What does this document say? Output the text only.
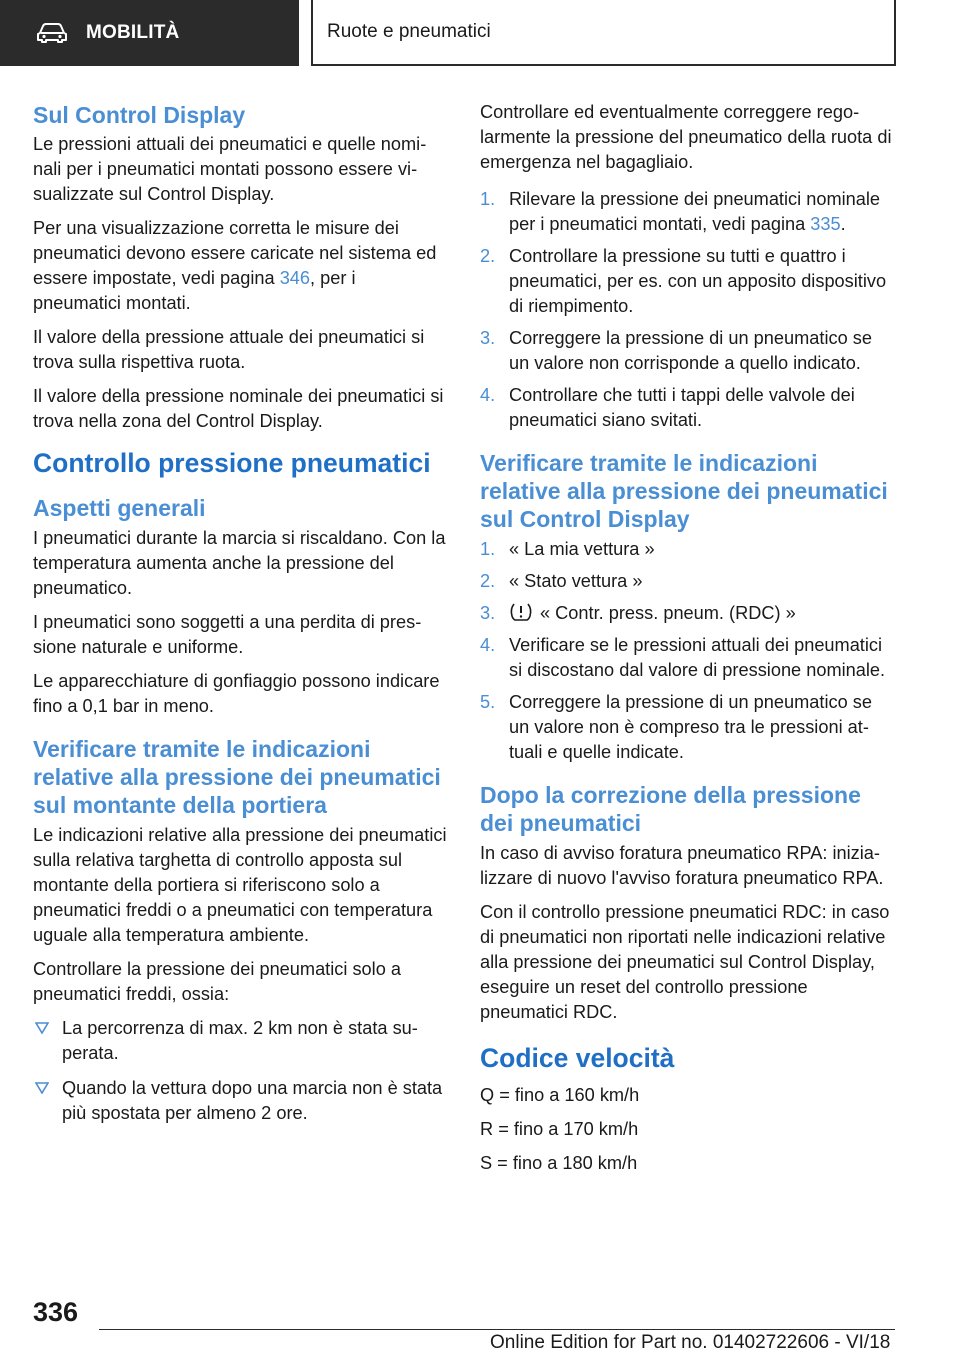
MOBILITÀ	Ruote e pneumatici
Sul Control Display

Le pressioni attuali dei pneumatici e quelle nominali per i pneumatici montati possono essere visualizzate sul Control Display.

Per una visualizzazione corretta le misure dei pneumatici devono essere caricate nel sistema ed essere impostate, vedi pagina 346, per i pneumatici montati.

Il valore della pressione attuale dei pneumatici si trova sulla rispettiva ruota.

Il valore della pressione nominale dei pneumatici si trova nella zona del Control Display.

Controllo pressione pneumatici
Aspetti generali

I pneumatici durante la marcia si riscaldano. Con la temperatura aumenta anche la pressione del pneumatico.

I pneumatici sono soggetti a una perdita di pressione naturale e uniforme.

Le apparecchiature di gonfiaggio possono indicare fino a 0,1 bar in meno.

Verificare tramite le indicazioni relative alla pressione dei pneumatici sul montante della portiera

Le indicazioni relative alla pressione dei pneumatici sulla relativa targhetta di controllo apposta sul montante della portiera si riferiscono solo a pneumatici freddi o a pneumatici con temperatura uguale alla temperatura ambiente.

Controllare la pressione dei pneumatici solo a pneumatici freddi, ossia:

La percorrenza di max. 2 km non è stata superata.
Quando la vettura dopo una marcia non è stata più spostata per almeno 2 ore.

Controllare ed eventualmente correggere regolarmente la pressione del pneumatico della ruota di emergenza nel bagagliaio.

1. Rilevare la pressione dei pneumatici nominale per i pneumatici montati, vedi pagina 335.
2. Controllare la pressione su tutti e quattro i pneumatici, per es. con un apposito dispositivo di riempimento.
3. Correggere la pressione di un pneumatico se un valore non corrisponde a quello indicato.
4. Controllare che tutti i tappi delle valvole dei pneumatici siano svitati.
Verificare tramite le indicazioni relative alla pressione dei pneumatici sul Control Display
1. « La mia vettura »
2. « Stato vettura »
3. « Contr. press. pneum. (RDC) »
4. Verificare se le pressioni attuali dei pneumatici si discostano dal valore di pressione nominale.
5. Correggere la pressione di un pneumatico se un valore non è compreso tra le pressioni attuali e quelle indicate.
Dopo la correzione della pressione dei pneumatici

In caso di avviso foratura pneumatico RPA: inizializzare di nuovo l'avviso foratura pneumatico RPA.

Con il controllo pressione pneumatici RDC: in caso di pneumatici non riportati nelle indicazioni relative alla pressione dei pneumatici sul Control Display, eseguire un reset del controllo pressione pneumatici RDC.

Codice velocità

Q = fino a 160 km/h

R = fino a 170 km/h

S = fino a 180 km/h

336
Online Edition for Part no. 01402722606 - VI/18
